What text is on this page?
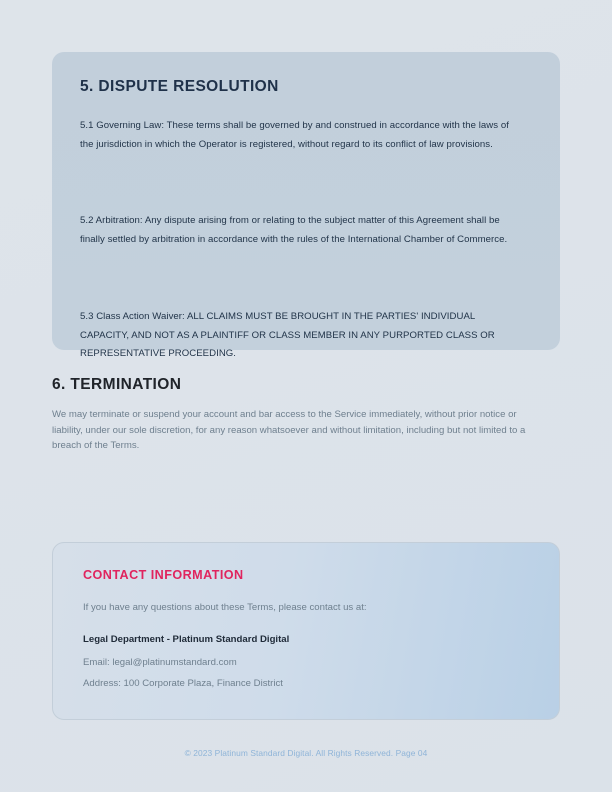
5. DISPUTE RESOLUTION

5.1 Governing Law: These terms shall be governed by and construed in accordance with the laws of the jurisdiction in which the Operator is registered, without regard to its conflict of law provisions.

5.2 Arbitration: Any dispute arising from or relating to the subject matter of this Agreement shall be finally settled by arbitration in accordance with the rules of the International Chamber of Commerce.

5.3 Class Action Waiver: ALL CLAIMS MUST BE BROUGHT IN THE PARTIES' INDIVIDUAL CAPACITY, AND NOT AS A PLAINTIFF OR CLASS MEMBER IN ANY PURPORTED CLASS OR REPRESENTATIVE PROCEEDING.

6. TERMINATION

We may terminate or suspend your account and bar access to the Service immediately, without prior notice or liability, under our sole discretion, for any reason whatsoever and without limitation, including but not limited to a breach of the Terms.

CONTACT INFORMATION

If you have any questions about these Terms, please contact us at:

Legal Department - Platinum Standard Digital

Email: legal@platinumstandard.com

Address: 100 Corporate Plaza, Finance District

© 2023 Platinum Standard Digital. All Rights Reserved. Page 04
